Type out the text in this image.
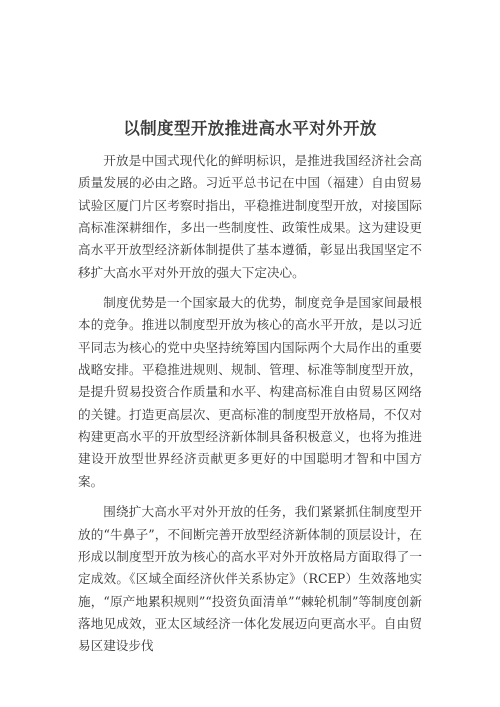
以制度型开放推进高水平对外开放

开放是中国式现代化的鲜明标识，是推进我国经济社会高质量发展的必由之路。习近平总书记在中国（福建）自由贸易试验区厦门片区考察时指出，平稳推进制度型开放，对接国际高标准深耕细作，多出一些制度性、政策性成果。这为建设更高水平开放型经济新体制提供了基本遵循，彰显出我国坚定不移扩大高水平对外开放的强大下定决心。

制度优势是一个国家最大的优势，制度竞争是国家间最根本的竞争。推进以制度型开放为核心的高水平开放，是以习近平同志为核心的党中央坚持统筹国内国际两个大局作出的重要战略安排。平稳推进规则、规制、管理、标准等制度型开放，是提升贸易投资合作质量和水平、构建高标准自由贸易区网络的关键。打造更高层次、更高标准的制度型开放格局，不仅对构建更高水平的开放型经济新体制具备积极意义，也将为推进建设开放型世界经济贡献更多更好的中国聪明才智和中国方案。

围绕扩大高水平对外开放的任务，我们紧紧抓住制度型开放的“牛鼻子”，不间断完善开放型经济新体制的顶层设计，在形成以制度型开放为核心的高水平对外开放格局方面取得了一定成效。《区域全面经济伙伴关系协定》（RCEP）生效落地实施，“原产地累积规则”“投资负面清单”“棘轮机制”等制度创新落地见成效，亚太区域经济一体化发展迈向更高水平。自由贸易区建设步伐
